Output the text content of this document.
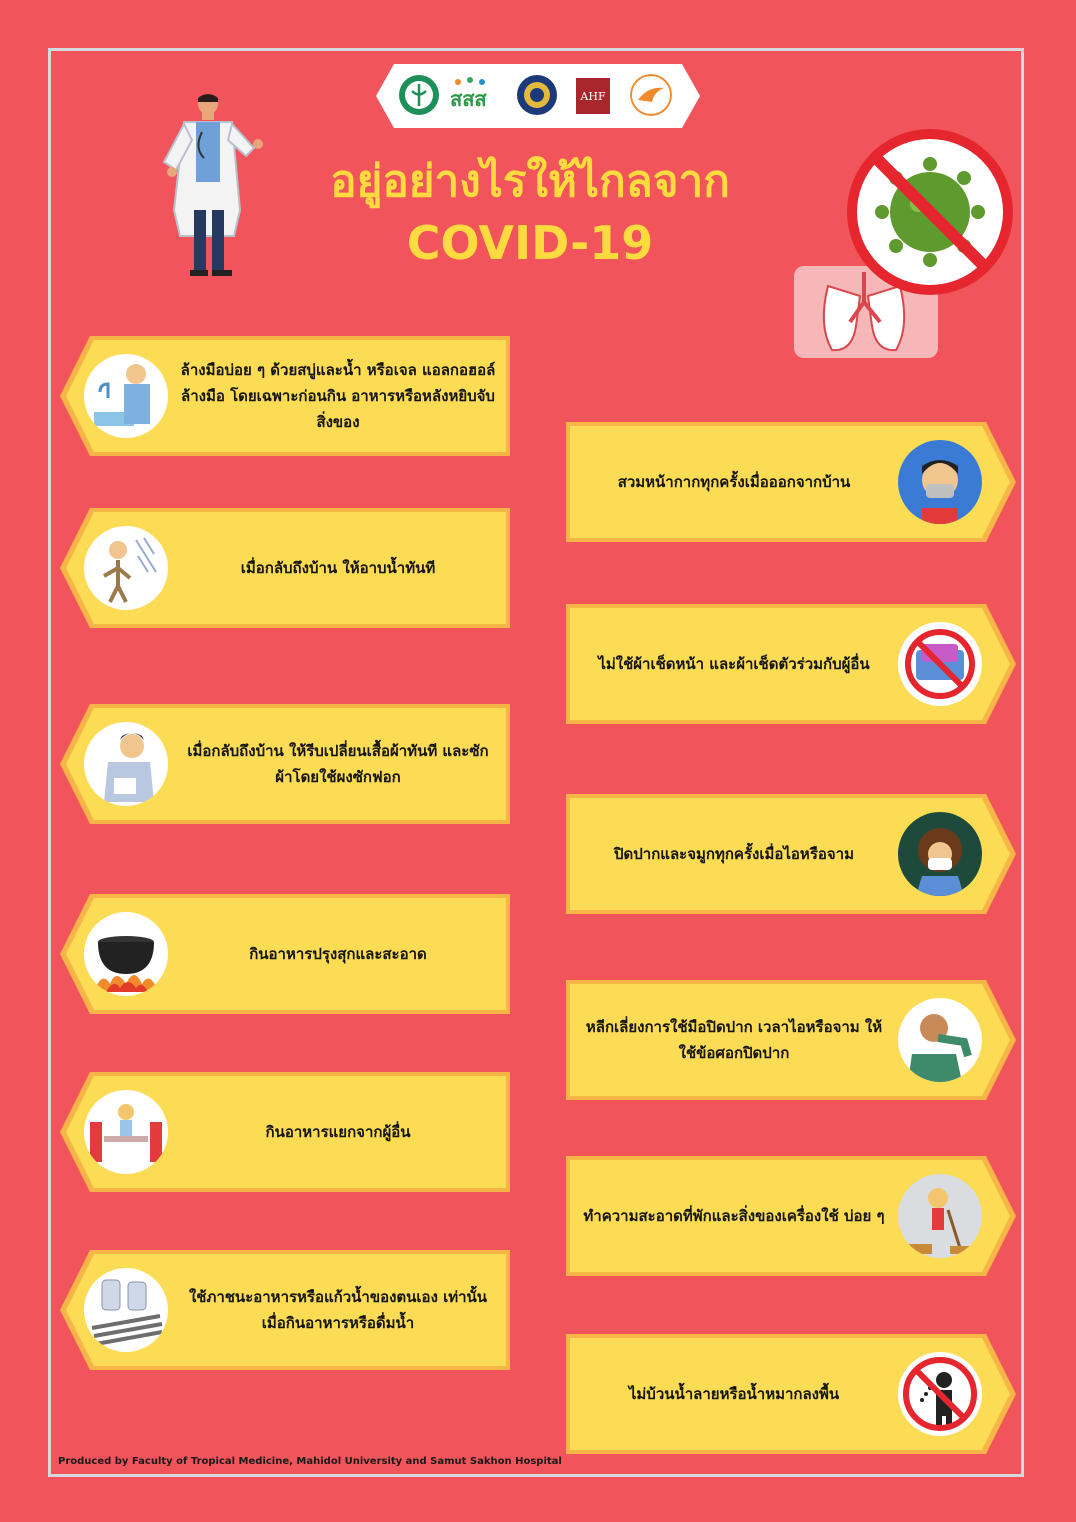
สสส	AHF
อยู่อย่างไรให้ไกลจาก
COVID-19
ล้างมือบ่อย ๆ ด้วยสบู่และน้ำ หรือเจล แอลกอฮอล์ล้างมือ โดยเฉพาะก่อนกิน อาหารหรือหลังหยิบจับสิ่งของ
เมื่อกลับถึงบ้าน ให้อาบน้ำทันที
เมื่อกลับถึงบ้าน ให้รีบเปลี่ยนเสื้อผ้าทันที และซักผ้าโดยใช้ผงซักฟอก
กินอาหารปรุงสุกและสะอาด
กินอาหารแยกจากผู้อื่น
ใช้ภาชนะอาหารหรือแก้วน้ำของตนเอง เท่านั้น เมื่อกินอาหารหรือดื่มน้ำ
สวมหน้ากากทุกครั้งเมื่อออกจากบ้าน
ไม่ใช้ผ้าเช็ดหน้า และผ้าเช็ดตัวร่วมกับผู้อื่น
ปิดปากและจมูกทุกครั้งเมื่อไอหรือจาม
หลีกเลี่ยงการใช้มือปิดปาก เวลาไอหรือจาม ให้ใช้ข้อศอกปิดปาก
ทำความสะอาดที่พักและสิ่งของเครื่องใช้ บ่อย ๆ
ไม่บ้วนน้ำลายหรือน้ำหมากลงพื้น
Produced by Faculty of Tropical Medicine, Mahidol University and Samut Sakhon Hospital
